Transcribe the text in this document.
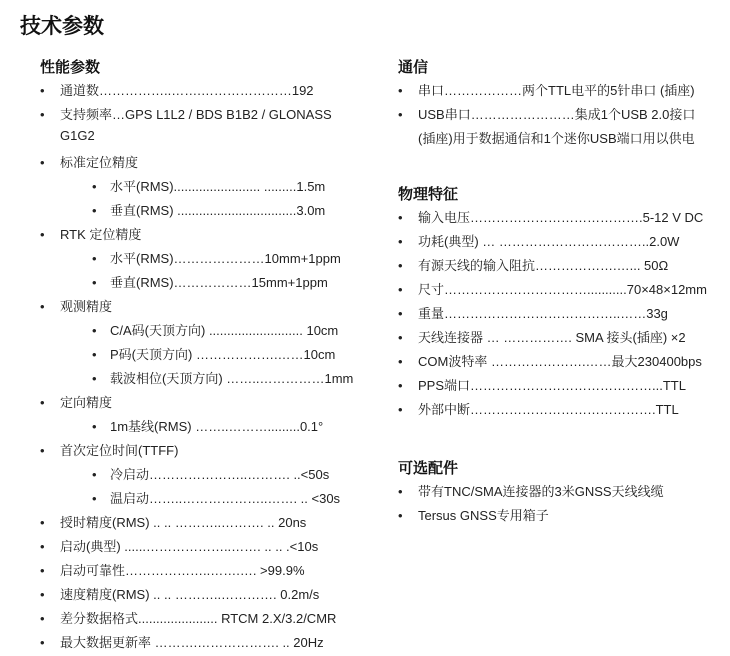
技术参数
性能参数
• 通道数……………..…….…………………192
• 支持频率…GPS L1L2 / BDS B1B2 / GLONASS
G1G2
• 标准定位精度
• 水平(RMS)........................ .........1.5m
• 垂直(RMS) .................................3.0m
• RTK 定位精度
• 水平(RMS)…………………10mm+1ppm
• 垂直(RMS)………………15mm+1ppm
• 观测精度
• C/A码(天顶方向) .......................... 10cm
• P码(天顶方向) ……………….……10cm
• 载波相位(天顶方向) ……..……………1mm
• 定向精度
• 1m基线(RMS) ……..……….........0.1°
• 首次定位时间(TTFF)
• 冷启动…………………..………. ..<50s
• 温启动……..………………..……. .. <30s
• 授时精度(RMS) .. .. ………..………. .. 20ns
• 启动(典型) ......………………..……. .. .. .<10s
• 启动可靠性………………..…….…. >99.9%
• 速度精度(RMS) .. .. ………..…………. 0.2m/s
• 差分数据格式...................... RTCM 2.X/3.2/CMR
• 最大数据更新率 ……….………………. .. 20Hz
通信
• 串口………………两个TTL电平的5针串口 (插座)
• USB串口……………………集成1个USB 2.0接口
(插座)用于数据通信和1个迷你USB端口用以供电
物理特征
• 输入电压………………………………….5-12 V DC
• 功耗(典型) … ……………………………..2.0W
• 有源天线的输入阻抗……………….…... 50Ω
• 尺寸……………………………...........70×48×12mm
• 重量…………………………………..……33g
• 天线连接器 … ……………. SMA 接头(插座) ×2
• COM波特率 ………………….……最大230400bps
• PPS端口……………………………………...TTL
• 外部中断…………………………………….TTL
可选配件
• 带有TNC/SMA连接器的3米GNSS天线线缆
• Tersus GNSS专用箱子
